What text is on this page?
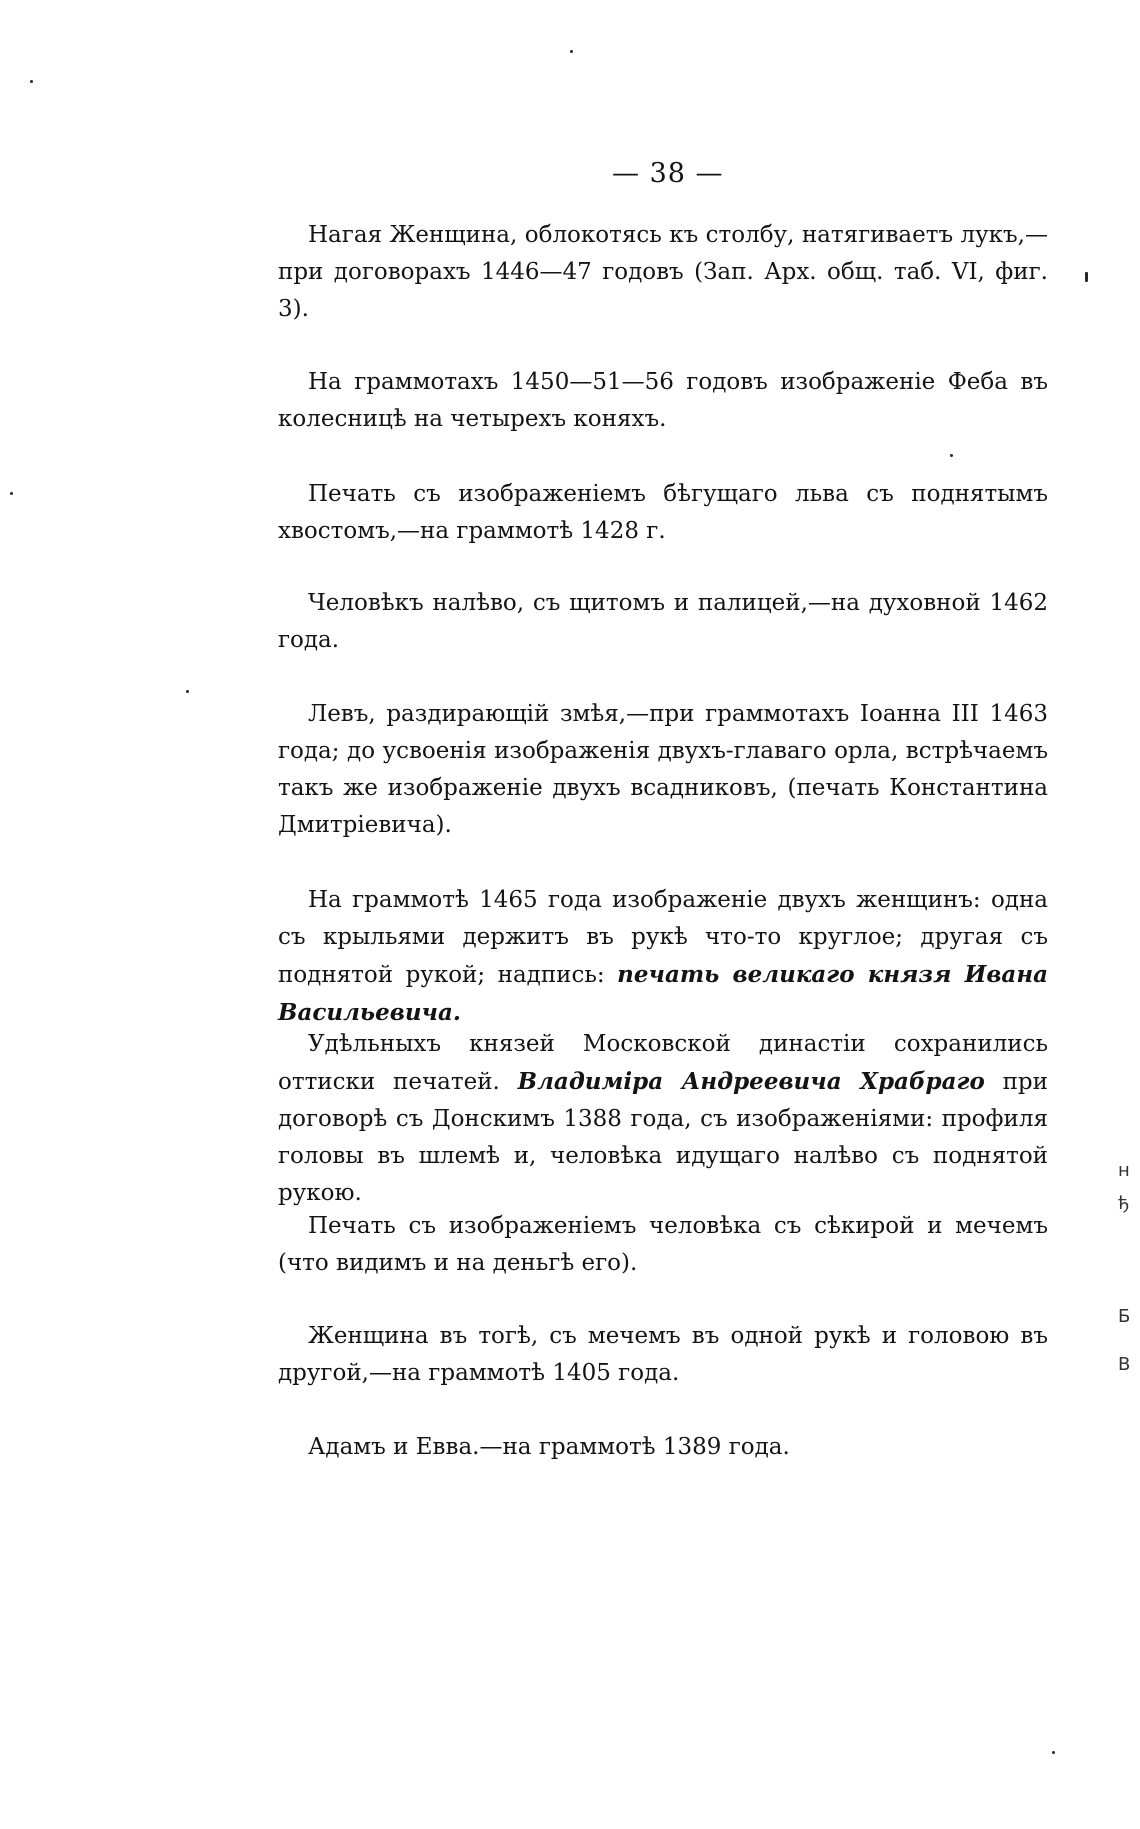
— 38 —

Нагая Женщина, облокотясь къ столбу, натягиваетъ лукъ,— при договорахъ 1446—47 годовъ (Зап. Арх. общ. таб. VI, фиг. 3).

На граммотахъ 1450—51—56 годовъ изображеніе Феба въ колесницѣ на четырехъ коняхъ.

Печать съ изображеніемъ бѣгущаго льва съ поднятымъ хвостомъ,—на граммотѣ 1428 г.

Человѣкъ налѣво, съ щитомъ и палицей,—на духовной 1462 года.

Левъ, раздирающій змѣя,—при граммотахъ Іоанна III 1463 года; до усвоенія изображенія двухъ-главаго орла, встрѣчаемъ такъ же изображеніе двухъ всадниковъ, (печать Константина Дмитріевича).

На граммотѣ 1465 года изображеніе двухъ женщинъ: одна съ крыльями держитъ въ рукѣ что-то круглое; другая съ поднятой рукой; надпись: печать великаго князя Ивана Васильевича.

Удѣльныхъ князей Московской династіи сохранились оттиски печатей. Владиміра Андреевича Храбраго при договорѣ съ Донскимъ 1388 года, съ изображеніями: профиля головы въ шлемѣ и, человѣка идущаго налѣво съ поднятой рукою.

Печать съ изображеніемъ человѣка съ сѣкирой и мечемъ (что видимъ и на деньгѣ его).

Женщина въ тогѣ, съ мечемъ въ одной рукѣ и головою въ другой,—на граммотѣ 1405 года.

Адамъ и Евва.—на граммотѣ 1389 года.

н
ђ
Б
В
